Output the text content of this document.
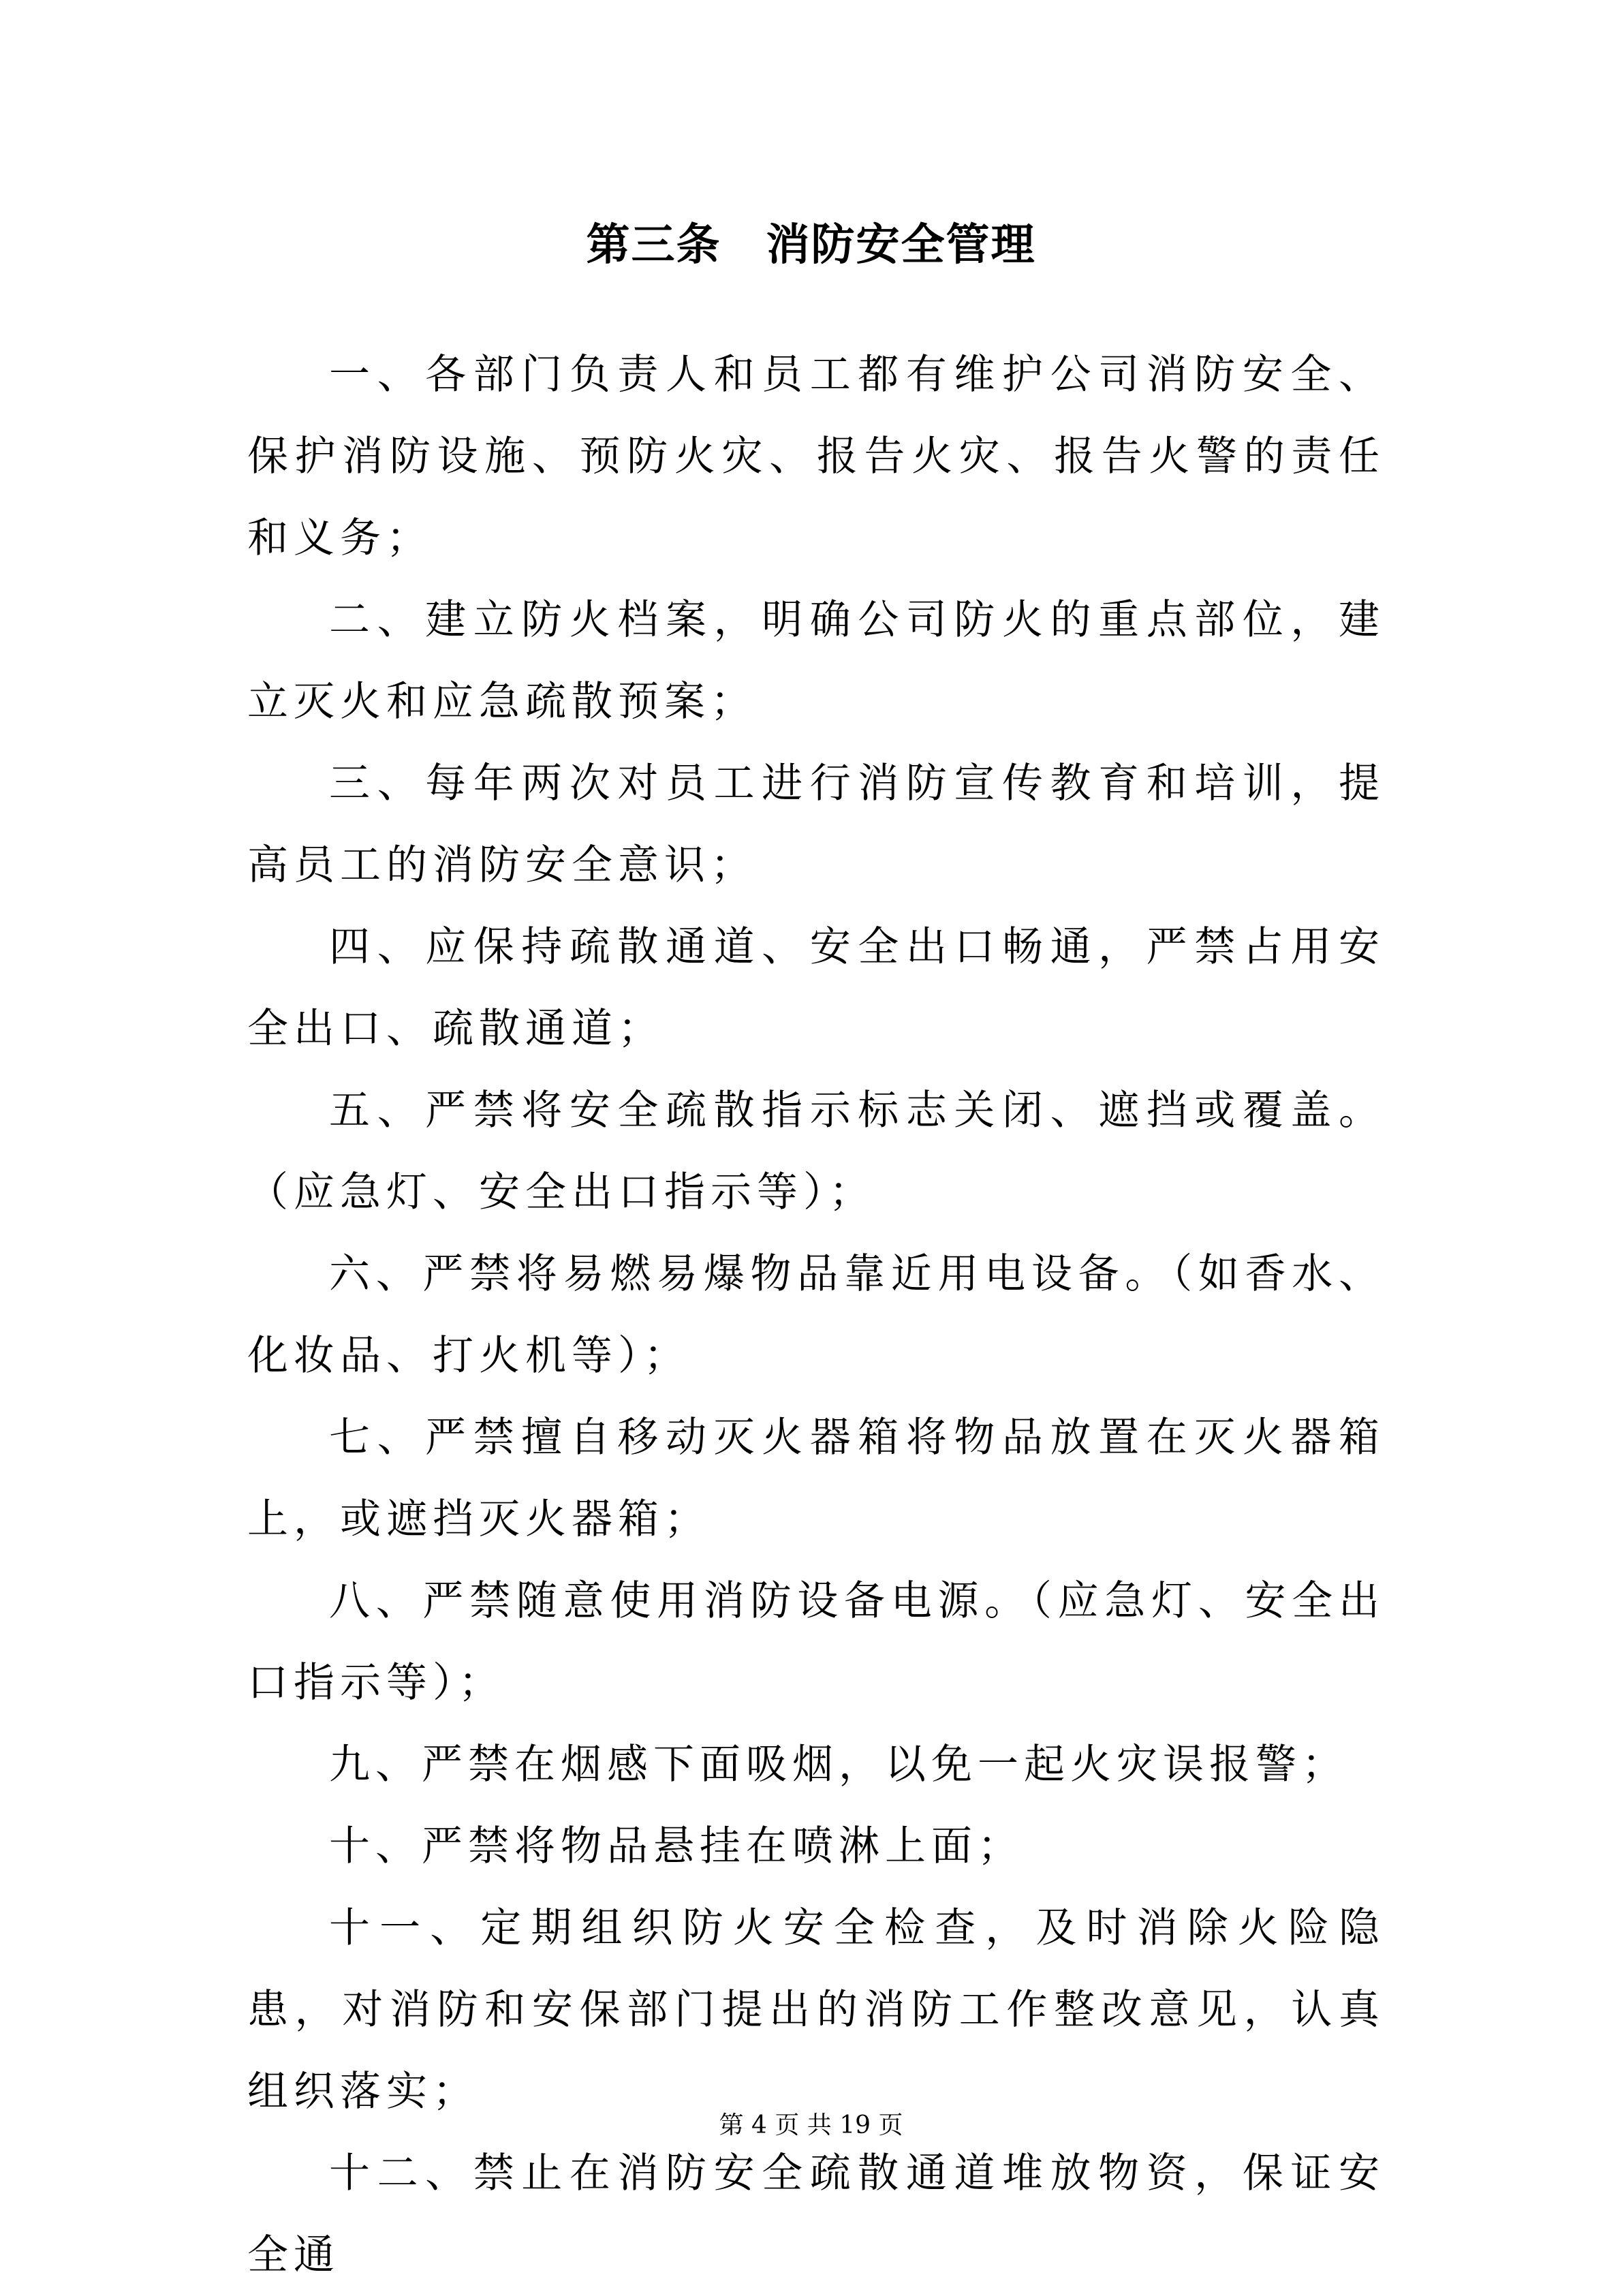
第三条　消防安全管理

一、各部门负责人和员工都有维护公司消防安全、保护消防设施、预防火灾、报告火灾、报告火警的责任和义务；

二、建立防火档案，明确公司防火的重点部位，建立灭火和应急疏散预案；

三、每年两次对员工进行消防宣传教育和培训，提高员工的消防安全意识；

四、应保持疏散通道、安全出口畅通，严禁占用安全出口、疏散通道；

五、严禁将安全疏散指示标志关闭、遮挡或覆盖。（应急灯、安全出口指示等）；

六、严禁将易燃易爆物品靠近用电设备。（如香水、化妆品、打火机等）；

七、严禁擅自移动灭火器箱将物品放置在灭火器箱上，或遮挡灭火器箱；

八、严禁随意使用消防设备电源。（应急灯、安全出口指示等）；

九、严禁在烟感下面吸烟，以免一起火灾误报警；

十、严禁将物品悬挂在喷淋上面；

十一、定期组织防火安全检查，及时消除火险隐患，对消防和安保部门提出的消防工作整改意见，认真组织落实；

十二、禁止在消防安全疏散通道堆放物资，保证安全通

第 4 页 共 19 页
